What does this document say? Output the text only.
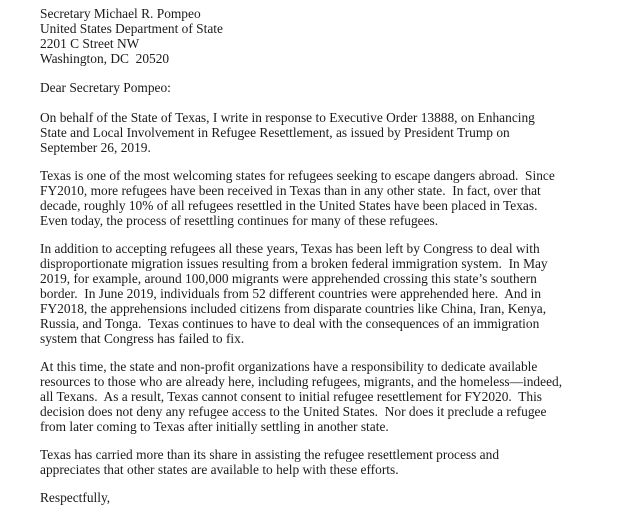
Secretary Michael R. Pompeo
United States Department of State
2201 C Street NW
Washington, DC  20520
Dear Secretary Pompeo:
On behalf of the State of Texas, I write in response to Executive Order 13888, on Enhancing
State and Local Involvement in Refugee Resettlement, as issued by President Trump on
September 26, 2019.
Texas is one of the most welcoming states for refugees seeking to escape dangers abroad.  Since
FY2010, more refugees have been received in Texas than in any other state.  In fact, over that
decade, roughly 10% of all refugees resettled in the United States have been placed in Texas.
Even today, the process of resettling continues for many of these refugees.
In addition to accepting refugees all these years, Texas has been left by Congress to deal with
disproportionate migration issues resulting from a broken federal immigration system.  In May
2019, for example, around 100,000 migrants were apprehended crossing this state’s southern
border.  In June 2019, individuals from 52 different countries were apprehended here.  And in
FY2018, the apprehensions included citizens from disparate countries like China, Iran, Kenya,
Russia, and Tonga.  Texas continues to have to deal with the consequences of an immigration
system that Congress has failed to fix.
At this time, the state and non-profit organizations have a responsibility to dedicate available
resources to those who are already here, including refugees, migrants, and the homeless—indeed,
all Texans.  As a result, Texas cannot consent to initial refugee resettlement for FY2020.  This
decision does not deny any refugee access to the United States.  Nor does it preclude a refugee
from later coming to Texas after initially settling in another state.
Texas has carried more than its share in assisting the refugee resettlement process and
appreciates that other states are available to help with these efforts.
Respectfully,
